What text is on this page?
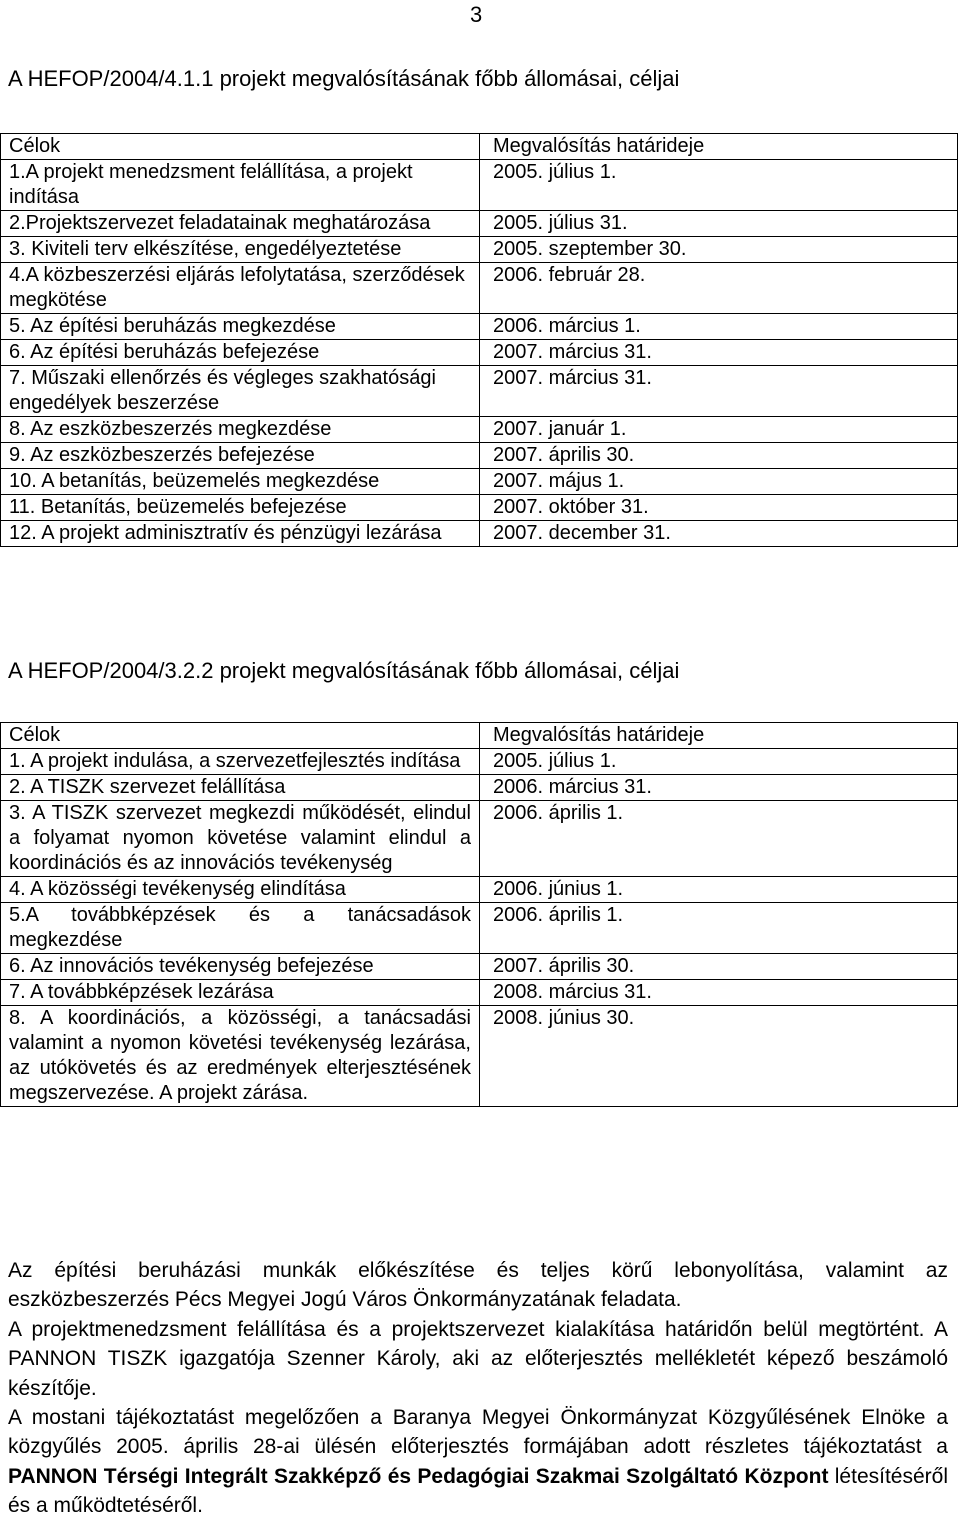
3
A HEFOP/2004/4.1.1 projekt megvalósításának főbb állomásai, céljai
Célok	Megvalósítás határideje
1.A projekt menedzsment felállítása, a projekt indítása	2005. július 1.
2.Projektszervezet feladatainak meghatározása	2005. július 31.
3. Kiviteli terv elkészítése, engedélyeztetése	2005. szeptember 30.
4.A közbeszerzési eljárás lefolytatása, szerződések megkötése	2006. február 28.
5. Az építési beruházás megkezdése	2006. március 1.
6. Az építési beruházás befejezése	2007. március 31.
7. Műszaki ellenőrzés és végleges szakhatósági engedélyek beszerzése	2007. március 31.
8. Az eszközbeszerzés megkezdése	2007. január 1.
9. Az eszközbeszerzés befejezése	2007. április 30.
10. A betanítás, beüzemelés megkezdése	2007. május 1.
11. Betanítás, beüzemelés befejezése	2007. október 31.
12. A projekt adminisztratív és pénzügyi lezárása	2007. december 31.
A HEFOP/2004/3.2.2 projekt megvalósításának főbb állomásai, céljai
Célok	Megvalósítás határideje
1. A projekt indulása, a szervezetfejlesztés indítása	2005. július 1.
2. A TISZK szervezet felállítása	2006. március 31.
3. A TISZK szervezet megkezdi működését, elindul a folyamat nyomon követése valamint elindul a koordinációs és az innovációs tevékenység	2006. április 1.
4. A közösségi tevékenység elindítása	2006. június 1.
5.A továbbképzések és a tanácsadások megkezdése	2006. április 1.
6. Az innovációs tevékenység befejezése	2007. április 30.
7. A továbbképzések lezárása	2008. március 31.
8. A koordinációs, a közösségi, a tanácsadási valamint a nyomon követési tevékenység lezárása, az utókövetés és az eredmények elterjesztésének megszervezése. A projekt zárása.	2008. június 30.
Az építési beruházási munkák előkészítése és teljes körű lebonyolítása, valamint az eszközbeszerzés Pécs Megyei Jogú Város Önkormányzatának feladata.
A projektmenedzsment felállítása és a projektszervezet kialakítása határidőn belül megtörtént. A PANNON TISZK igazgatója Szenner Károly, aki az előterjesztés mellékletét képező beszámoló készítője.
A mostani tájékoztatást megelőzően a Baranya Megyei Önkormányzat Közgyűlésének Elnöke a közgyűlés 2005. április 28-ai ülésén előterjesztés formájában adott részletes tájékoztatást a PANNON Térségi Integrált Szakképző és Pedagógiai Szakmai Szolgáltató Központ létesítéséről és a működtetéséről.
